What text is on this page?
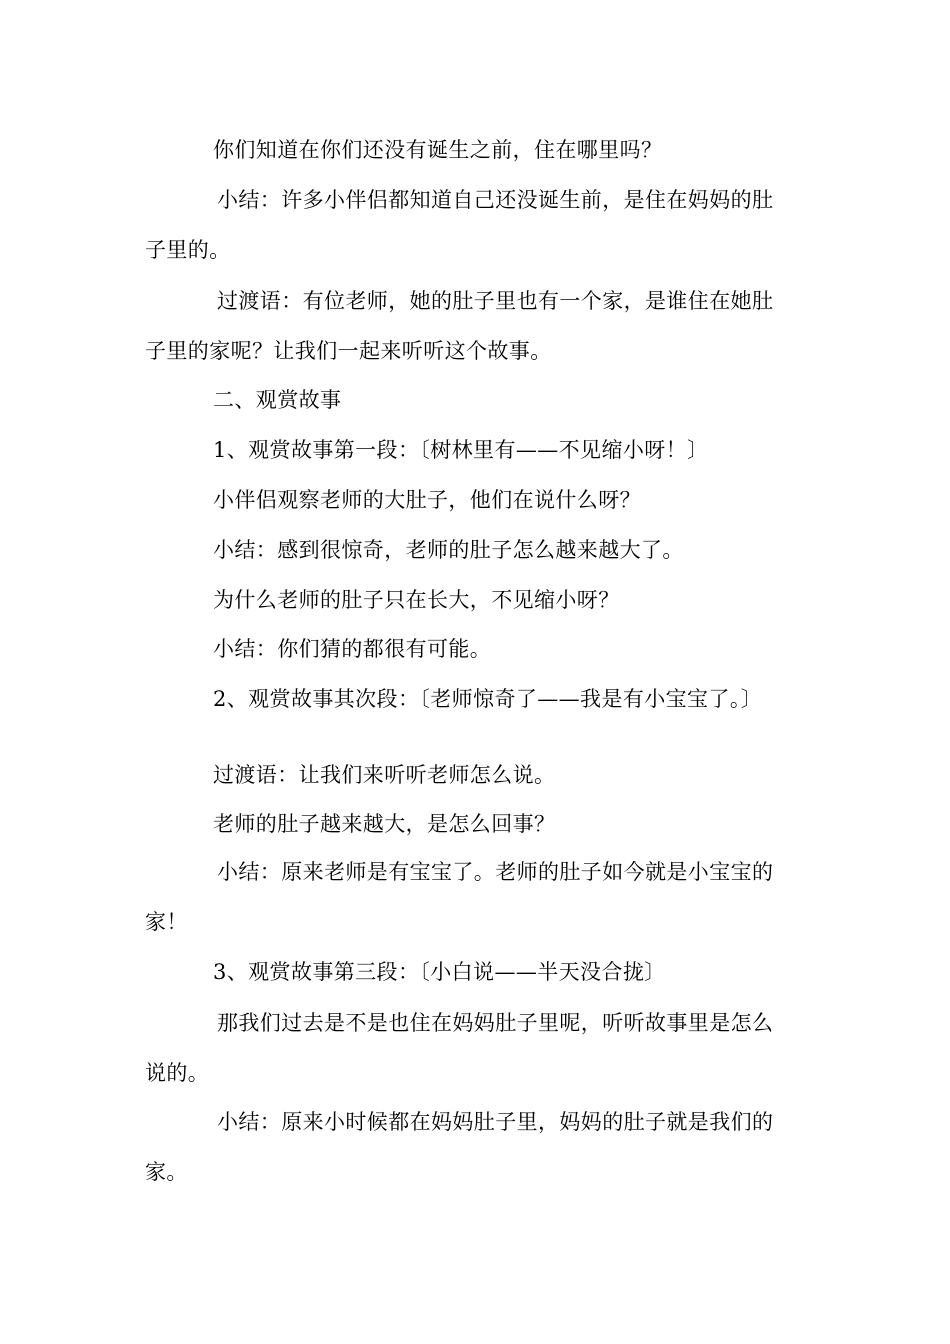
你们知道在你们还没有诞生之前，住在哪里吗？
小结：许多小伴侣都知道自己还没诞生前，是住在妈妈的肚
子里的。
过渡语：有位老师，她的肚子里也有一个家，是谁住在她肚
子里的家呢？让我们一起来听听这个故事。
二、观赏故事
1、观赏故事第一段：〔树林里有——不见缩小呀！〕
小伴侣观察老师的大肚子，他们在说什么呀？
小结：感到很惊奇，老师的肚子怎么越来越大了。
为什么老师的肚子只在长大，不见缩小呀？
小结：你们猜的都很有可能。
2、观赏故事其次段：〔老师惊奇了——我是有小宝宝了。〕
过渡语：让我们来听听老师怎么说。
老师的肚子越来越大，是怎么回事？
小结：原来老师是有宝宝了。老师的肚子如今就是小宝宝的
家！
3、观赏故事第三段：〔小白说——半天没合拢〕
那我们过去是不是也住在妈妈肚子里呢，听听故事里是怎么
说的。
小结：原来小时候都在妈妈肚子里，妈妈的肚子就是我们的
家。
